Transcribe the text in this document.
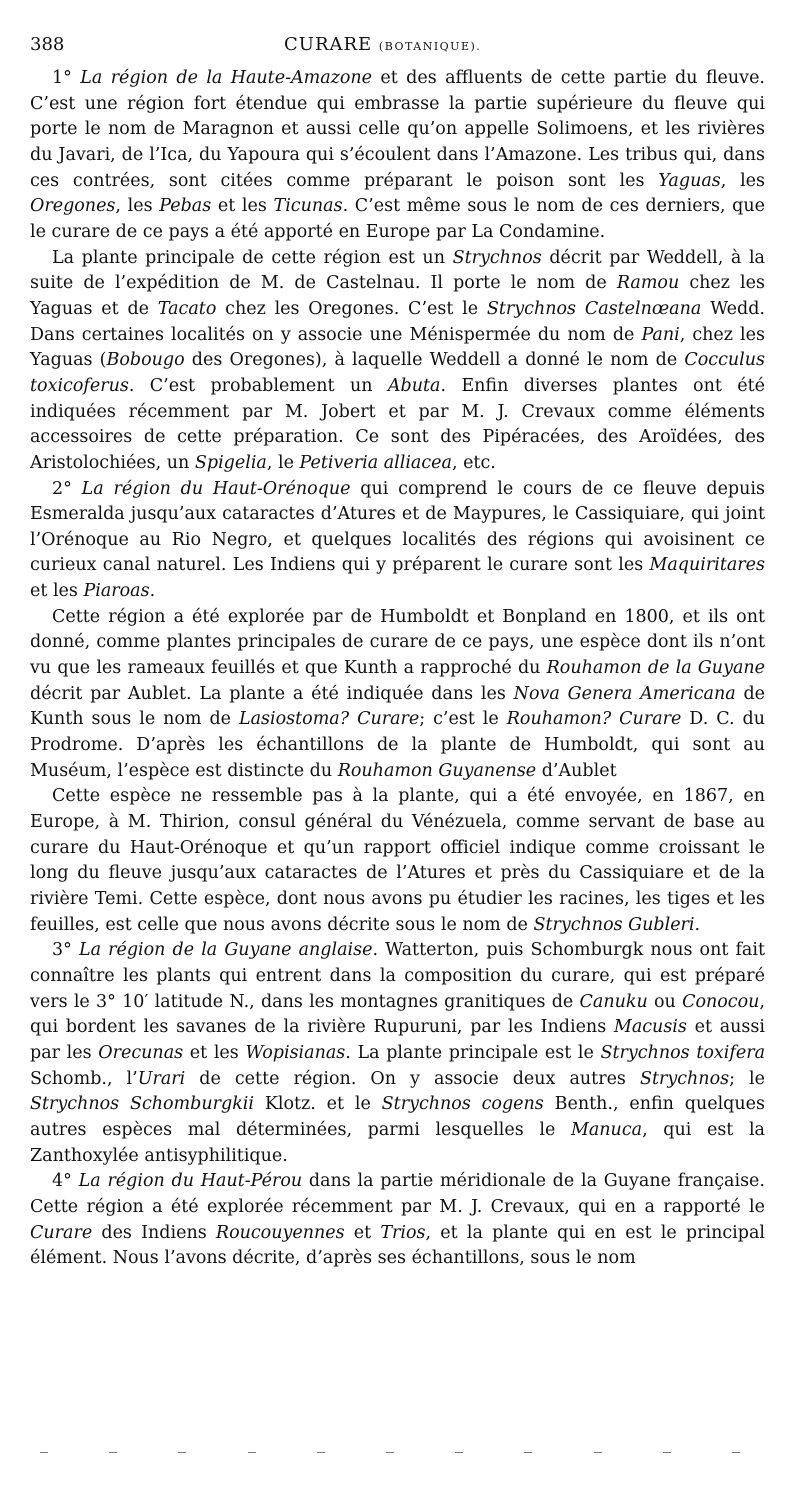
388	CURARE (BOTANIQUE).

1° La région de la Haute-Amazone et des affluents de cette partie du fleuve. C’est une région fort étendue qui embrasse la partie supérieure du fleuve qui porte le nom de Maragnon et aussi celle qu’on appelle Solimoens, et les rivières du Javari, de l’Ica, du Yapoura qui s’écoulent dans l’Amazone. Les tribus qui, dans ces contrées, sont citées comme préparant le poison sont les Yaguas, les Oregones, les Pebas et les Ticunas. C’est même sous le nom de ces derniers, que le curare de ce pays a été apporté en Europe par La Condamine.

La plante principale de cette région est un Strychnos décrit par Weddell, à la suite de l’expédition de M. de Castelnau. Il porte le nom de Ramou chez les Yaguas et de Tacato chez les Oregones. C’est le Strychnos Castelnœana Wedd. Dans certaines localités on y associe une Ménispermée du nom de Pani, chez les Yaguas (Bobougo des Oregones), à laquelle Weddell a donné le nom de Cocculus toxicoferus. C’est probablement un Abuta. Enfin diverses plantes ont été indiquées récemment par M. Jobert et par M. J. Crevaux comme éléments accessoires de cette préparation. Ce sont des Pipéracées, des Aroïdées, des Aristolochiées, un Spigelia, le Petiveria alliacea, etc.

2° La région du Haut-Orénoque qui comprend le cours de ce fleuve depuis Esmeralda jusqu’aux cataractes d’Atures et de Maypures, le Cassiquiare, qui joint l’Orénoque au Rio Negro, et quelques localités des régions qui avoisinent ce curieux canal naturel. Les Indiens qui y préparent le curare sont les Maquiritares et les Piaroas.

Cette région a été explorée par de Humboldt et Bonpland en 1800, et ils ont donné, comme plantes principales de curare de ce pays, une espèce dont ils n’ont vu que les rameaux feuillés et que Kunth a rapproché du Rouhamon de la Guyane décrit par Aublet. La plante a été indiquée dans les Nova Genera Americana de Kunth sous le nom de Lasiostoma? Curare; c’est le Rouhamon? Curare D. C. du Prodrome. D’après les échantillons de la plante de Humboldt, qui sont au Muséum, l’espèce est distincte du Rouhamon Guyanense d’Aublet

Cette espèce ne ressemble pas à la plante, qui a été envoyée, en 1867, en Europe, à M. Thirion, consul général du Vénézuela, comme servant de base au curare du Haut-Orénoque et qu’un rapport officiel indique comme croissant le long du fleuve jusqu’aux cataractes de l’Atures et près du Cassiquiare et de la rivière Temi. Cette espèce, dont nous avons pu étudier les racines, les tiges et les feuilles, est celle que nous avons décrite sous le nom de Strychnos Gubleri.

3° La région de la Guyane anglaise. Watterton, puis Schomburgk nous ont fait connaître les plants qui entrent dans la composition du curare, qui est préparé vers le 3° 10′ latitude N., dans les montagnes granitiques de Canuku ou Conocou, qui bordent les savanes de la rivière Rupuruni, par les Indiens Macusis et aussi par les Orecunas et les Wopisianas. La plante principale est le Strychnos toxifera Schomb., l’Urari de cette région. On y associe deux autres Strychnos; le Strychnos Schomburgkii Klotz. et le Strychnos cogens Benth., enfin quelques autres espèces mal déterminées, parmi lesquelles le Manuca, qui est la Zanthoxylée antisyphilitique.

4° La région du Haut-Pérou dans la partie méridionale de la Guyane française. Cette région a été explorée récemment par M. J. Crevaux, qui en a rapporté le Curare des Indiens Roucouyennes et Trios, et la plante qui en est le principal élément. Nous l’avons décrite, d’après ses échantillons, sous le nom
